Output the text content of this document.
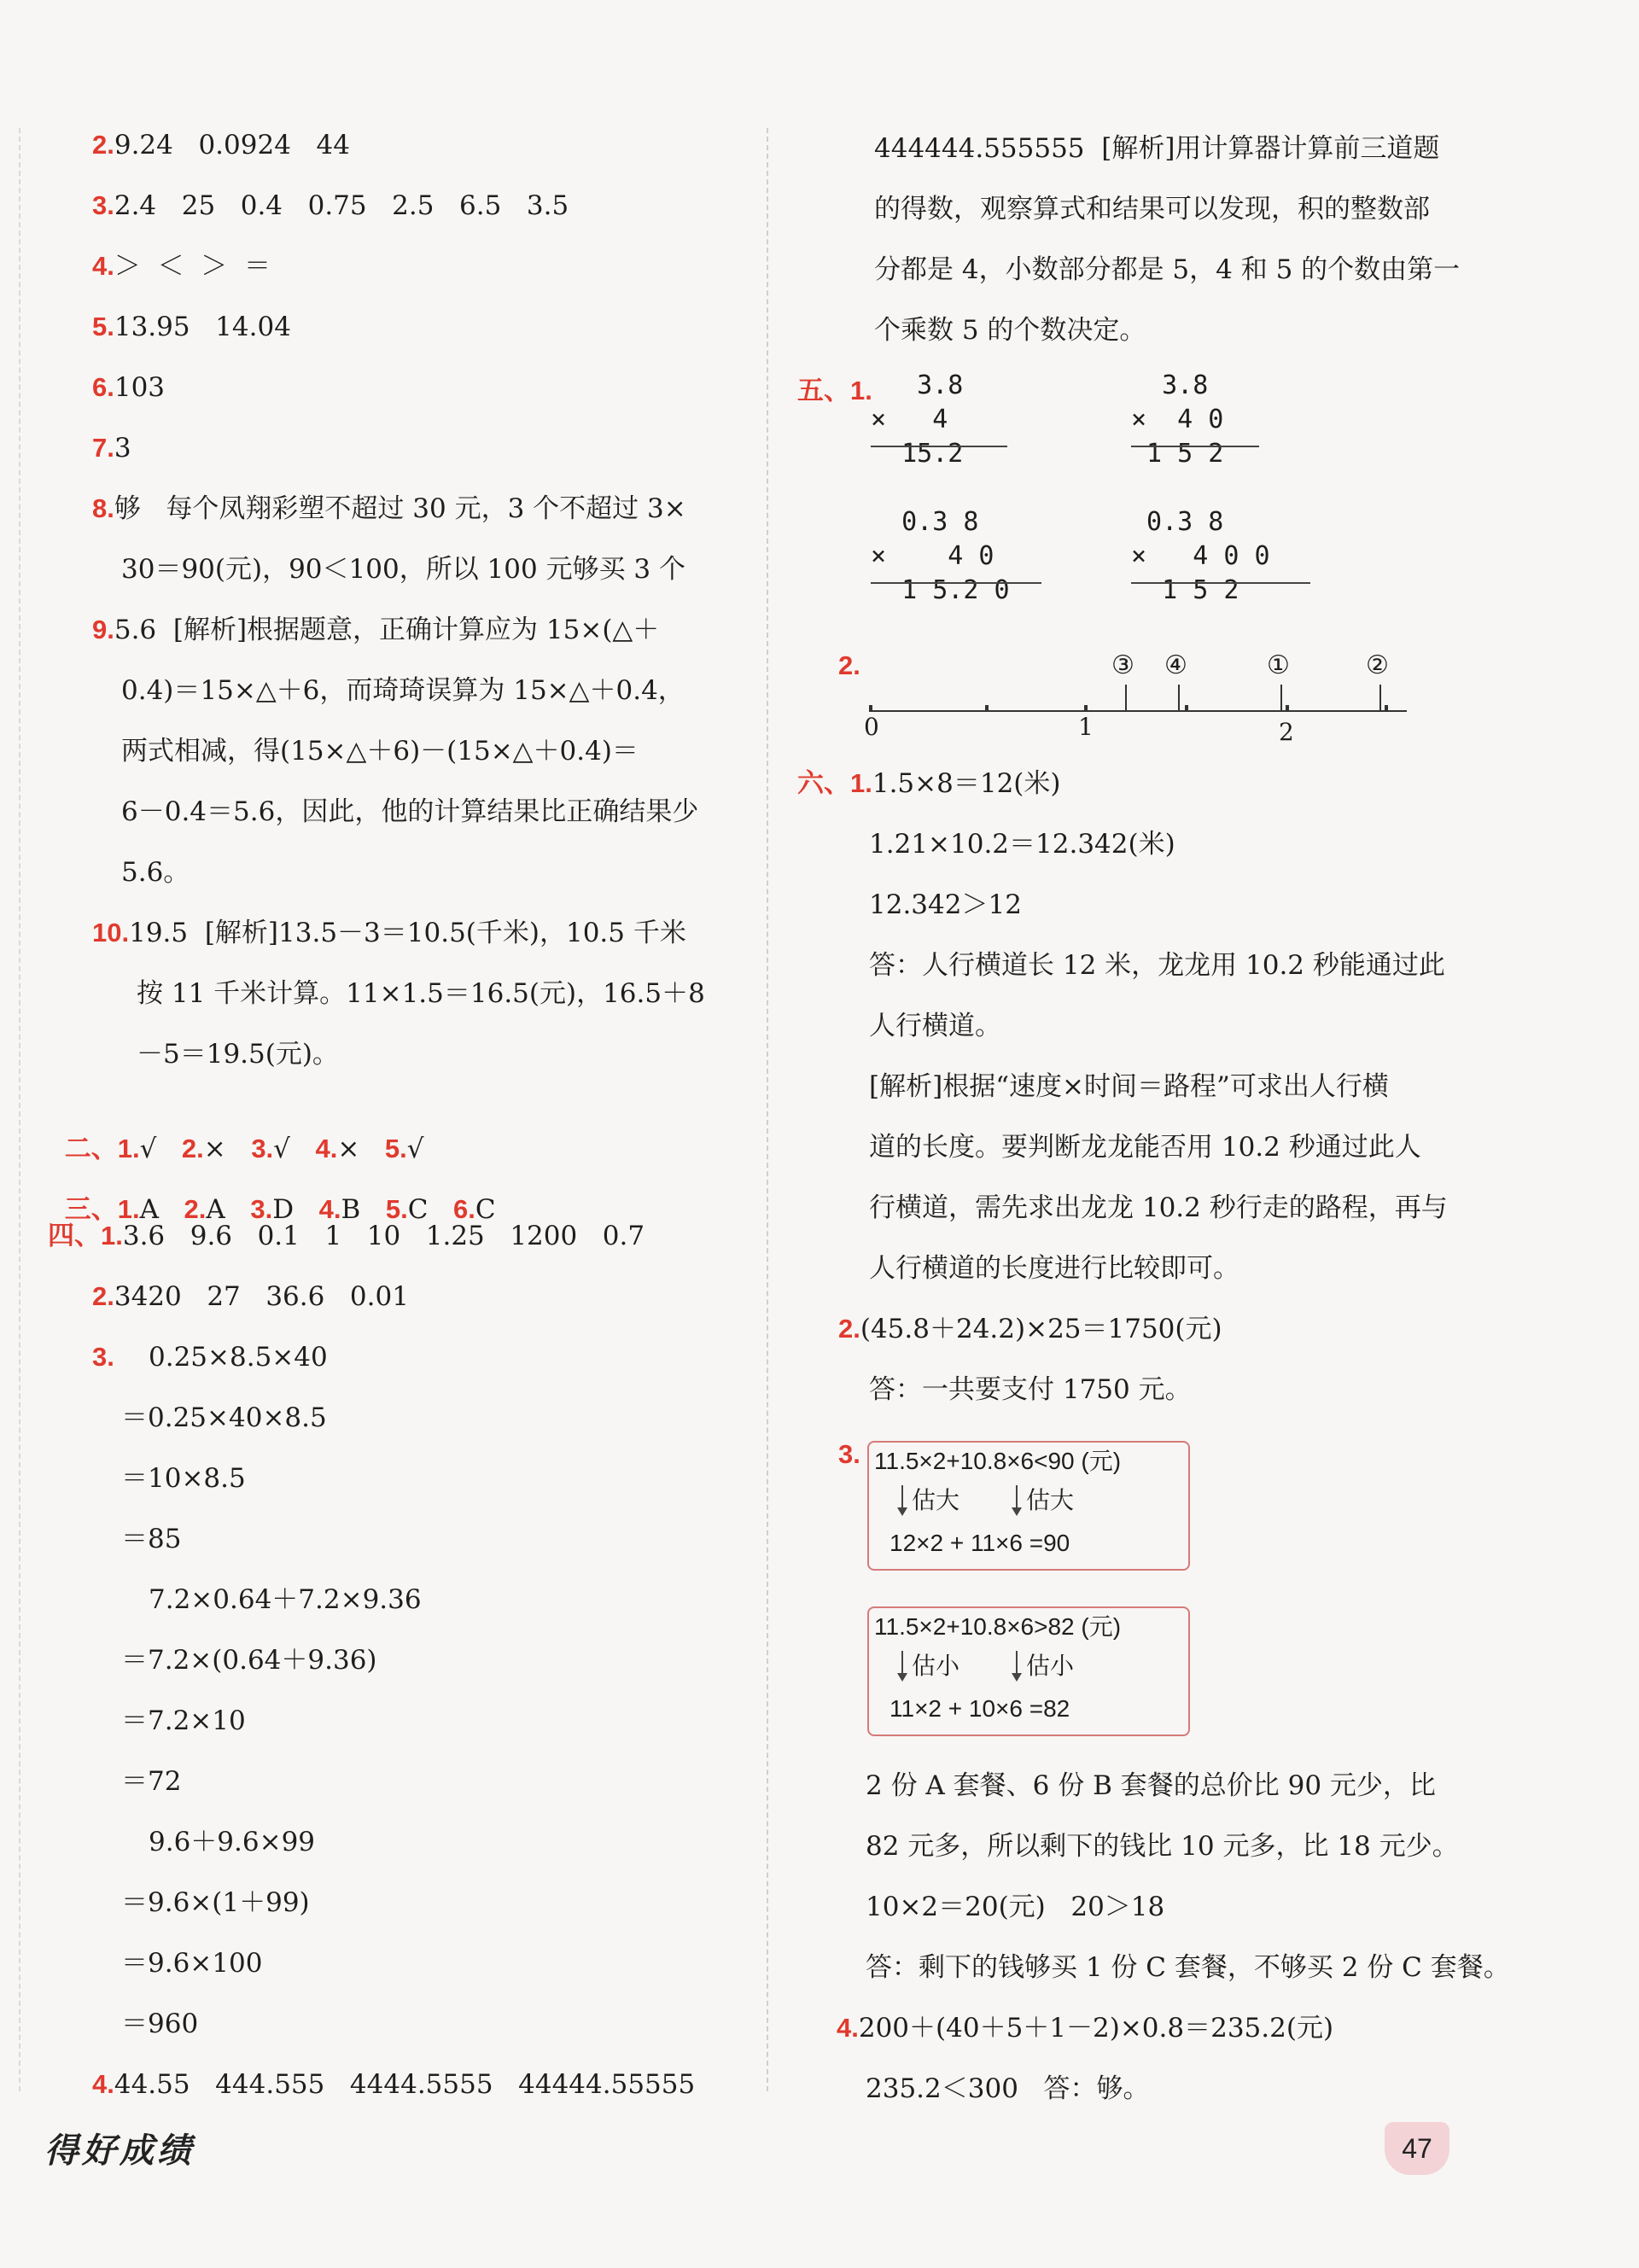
2.9.24   0.0924   44
3.2.4   25   0.4   0.75   2.5   6.5   3.5
4.＞  ＜  ＞  ＝
5.13.95   14.04
6.103
7.3
8.够   每个凤翔彩塑不超过 30 元，3 个不超过 3×
30＝90(元)，90＜100，所以 100 元够买 3 个
9.5.6  [解析]根据题意，正确计算应为 15×(△＋
0.4)＝15×△＋6，而琦琦误算为 15×△＋0.4，
两式相减，得(15×△＋6)－(15×△＋0.4)＝
6－0.4＝5.6，因此，他的计算结果比正确结果少
5.6。
10.19.5  [解析]13.5－3＝10.5(千米)，10.5 千米
按 11 千米计算。11×1.5＝16.5(元)，16.5＋8
－5＝19.5(元)。

二、1.√ 2.× 3.√ 4.× 5.√

三、1.A 2.A 3.D 4.B 5.C 6.C

四、1.3.6   9.6   0.1   1   10   1.25   1200   0.7
2.3420   27   36.6   0.01
3. 0.25×8.5×40
＝0.25×40×8.5
＝10×8.5
＝85
7.2×0.64＋7.2×9.36
＝7.2×(0.64＋9.36)
＝7.2×10
＝72
9.6＋9.6×99
＝9.6×(1＋99)
＝9.6×100
＝960
4.44.55   444.555   4444.5555   44444.55555
444444.555555  [解析]用计算器计算前三道题
的得数，观察算式和结果可以发现，积的整数部
分都是 4，小数部分都是 5，4 和 5 的个数由第一
个乘数 5 的个数决定。
五、1.
3.8
×   4
15.2
3.8
×  4 0
1 5 2
0.3 8
×    4 0
1 5.2 0
0.3 8
×   4 0 0
1 5 2
2.	③ ④	①	②
0	1	2
六、1.1.5×8＝12(米)
1.21×10.2＝12.342(米)
12.342＞12
答：人行横道长 12 米，龙龙用 10.2 秒能通过此
人行横道。
[解析]根据“速度×时间＝路程”可求出人行横
道的长度。要判断龙龙能否用 10.2 秒通过此人
行横道，需先求出龙龙 10.2 秒行走的路程，再与
人行横道的长度进行比较即可。
2.(45.8＋24.2)×25＝1750(元)
答：一共要支付 1750 元。
3. 11.5×2+10.8×6<90 (元)
估大	估大
12×2 + 11×6 =90
11.5×2+10.8×6>82 (元)
估小	估小
11×2 + 10×6 =82
2 份 A 套餐、6 份 B 套餐的总价比 90 元少，比
82 元多，所以剩下的钱比 10 元多，比 18 元少。
10×2＝20(元)   20＞18
答：剩下的钱够买 1 份 C 套餐，不够买 2 份 C 套餐。
4.200＋(40＋5＋1－2)×0.8＝235.2(元)
235.2＜300   答：够。
得好成绩	47
